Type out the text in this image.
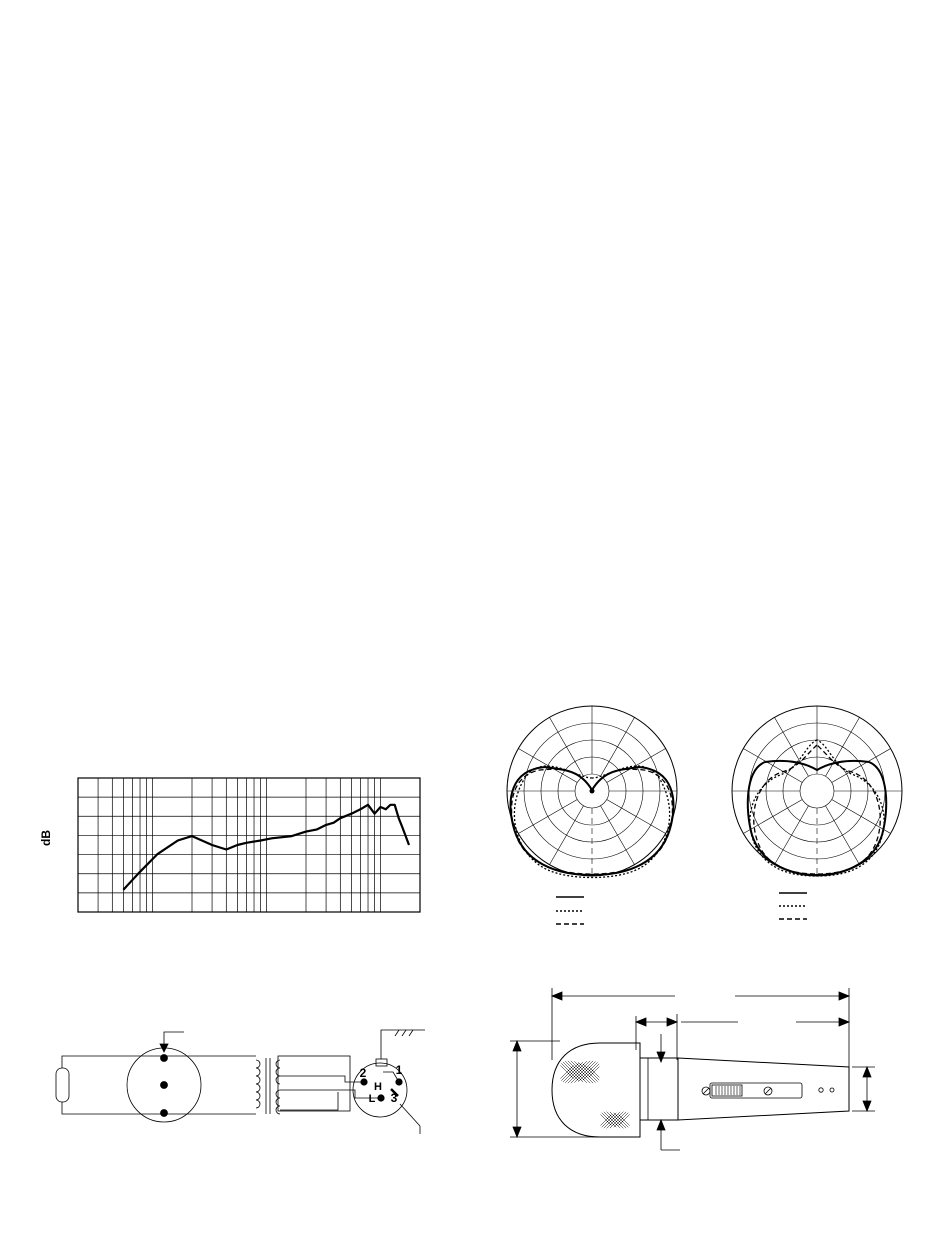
dB
1
2
3
H
L
